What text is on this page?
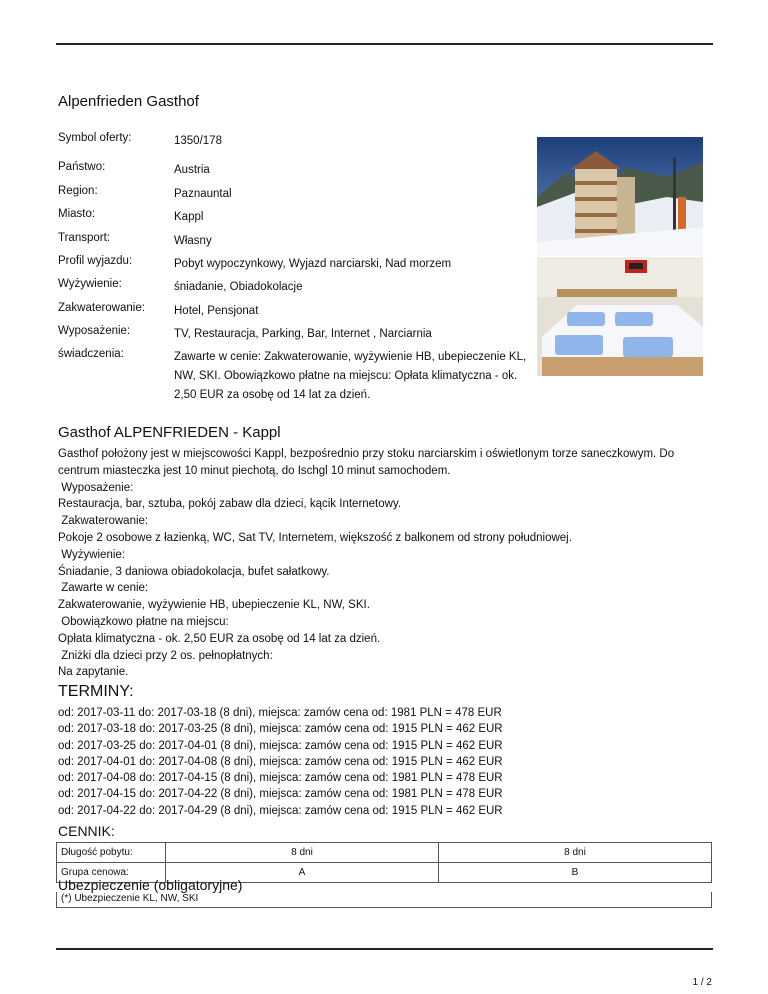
Alpenfrieden Gasthof
Symbol oferty:	1350/178
Państwo:	Austria
Region:	Paznauntal
Miasto:	Kappl
Transport:	Własny
Profil wyjazdu:	Pobyt wypoczynkowy, Wyjazd narciarski, Nad morzem
Wyżywienie:	śniadanie, Obiadokolacje
Zakwaterowanie:	Hotel, Pensjonat
Wyposażenie:	TV, Restauracja, Parking, Bar, Internet , Narciarnia
świadczenia:	Zawarte w cenie: Zakwaterowanie, wyżywienie HB, ubepieczenie KL, NW, SKI. Obowiązkowo płatne na miejscu: Opłata klimatyczna - ok. 2,50 EUR za osobę od 14 lat za dzień.
Gasthof ALPENFRIEDEN - Kappl
Gasthof położony jest w miejscowości Kappl, bezpośrednio przy stoku narciarskim i oświetlonym torze saneczkowym. Do
centrum miasteczka jest 10 minut piechotą, do Ischgl 10 minut samochodem.
Wyposażenie:
Restauracja, bar, sztuba, pokój zabaw dla dzieci, kącik Internetowy.
Zakwaterowanie:
Pokoje 2 osobowe z łazienką, WC, Sat TV, Internetem, większość z balkonem od strony południowej.
Wyżywienie:
Śniadanie, 3 daniowa obiadokolacja, bufet sałatkowy.
Zawarte w cenie:
Zakwaterowanie, wyżywienie HB, ubepieczenie KL, NW, SKI.
Obowiązkowo płatne na miejscu:
Opłata klimatyczna - ok. 2,50 EUR za osobę od 14 lat za dzień.
Zniżki dla dzieci przy 2 os. pełnopłatnych:
Na zapytanie.
TERMINY:
od: 2017-03-11 do: 2017-03-18 (8 dni), miejsca: zamów cena od: 1981 PLN = 478 EUR
od: 2017-03-18 do: 2017-03-25 (8 dni), miejsca: zamów cena od: 1915 PLN = 462 EUR
od: 2017-03-25 do: 2017-04-01 (8 dni), miejsca: zamów cena od: 1915 PLN = 462 EUR
od: 2017-04-01 do: 2017-04-08 (8 dni), miejsca: zamów cena od: 1915 PLN = 462 EUR
od: 2017-04-08 do: 2017-04-15 (8 dni), miejsca: zamów cena od: 1981 PLN = 478 EUR
od: 2017-04-15 do: 2017-04-22 (8 dni), miejsca: zamów cena od: 1981 PLN = 478 EUR
od: 2017-04-22 do: 2017-04-29 (8 dni), miejsca: zamów cena od: 1915 PLN = 462 EUR
CENNIK:
Długość pobytu:	8 dni	8 dni
Grupa cenowa:	A	B
Ubezpieczenie (obligatoryjne)
(*) Ubezpieczenie KL, NW, SKI
1 / 2
